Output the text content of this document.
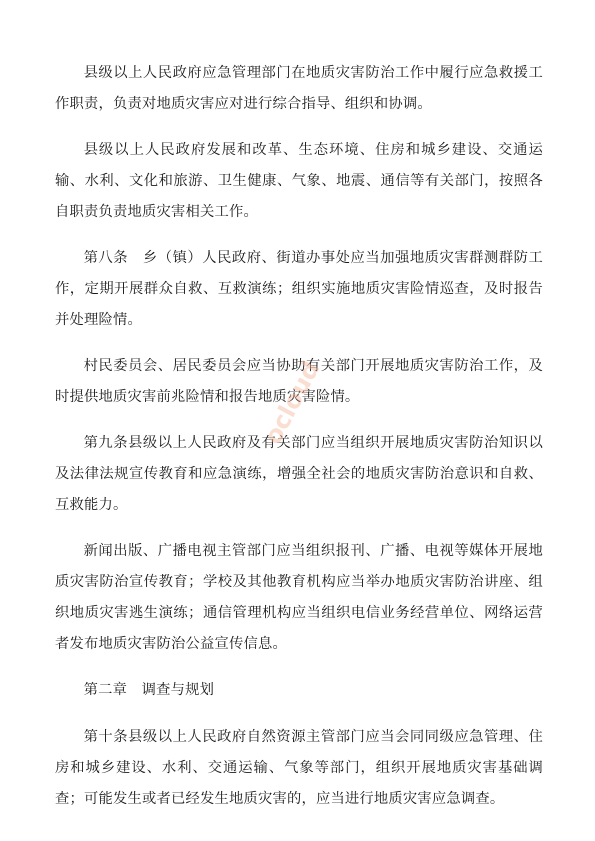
县级以上人民政府应急管理部门在地质灾害防治工作中履行应急救援工作职责，负责对地质灾害应对进行综合指导、组织和协调。

县级以上人民政府发展和改革、生态环境、住房和城乡建设、交通运输、水利、文化和旅游、卫生健康、气象、地震、通信等有关部门，按照各自职责负责地质灾害相关工作。

第八条　乡（镇）人民政府、街道办事处应当加强地质灾害群测群防工作，定期开展群众自救、互救演练；组织实施地质灾害险情巡查，及时报告并处理险情。

村民委员会、居民委员会应当协助有关部门开展地质灾害防治工作，及时提供地质灾害前兆险情和报告地质灾害险情。

第九条县级以上人民政府及有关部门应当组织开展地质灾害防治知识以及法律法规宣传教育和应急演练，增强全社会的地质灾害防治意识和自救、互救能力。

新闻出版、广播电视主管部门应当组织报刊、广播、电视等媒体开展地质灾害防治宣传教育；学校及其他教育机构应当举办地质灾害防治讲座、组织地质灾害逃生演练；通信管理机构应当组织电信业务经营单位、网络运营者发布地质灾害防治公益宣传信息。

第二章　调查与规划

第十条县级以上人民政府自然资源主管部门应当会同同级应急管理、住房和城乡建设、水利、交通运输、气象等部门，组织开展地质灾害基础调查；可能发生或者已经发生地质灾害的，应当进行地质灾害应急调查。

ocloud
